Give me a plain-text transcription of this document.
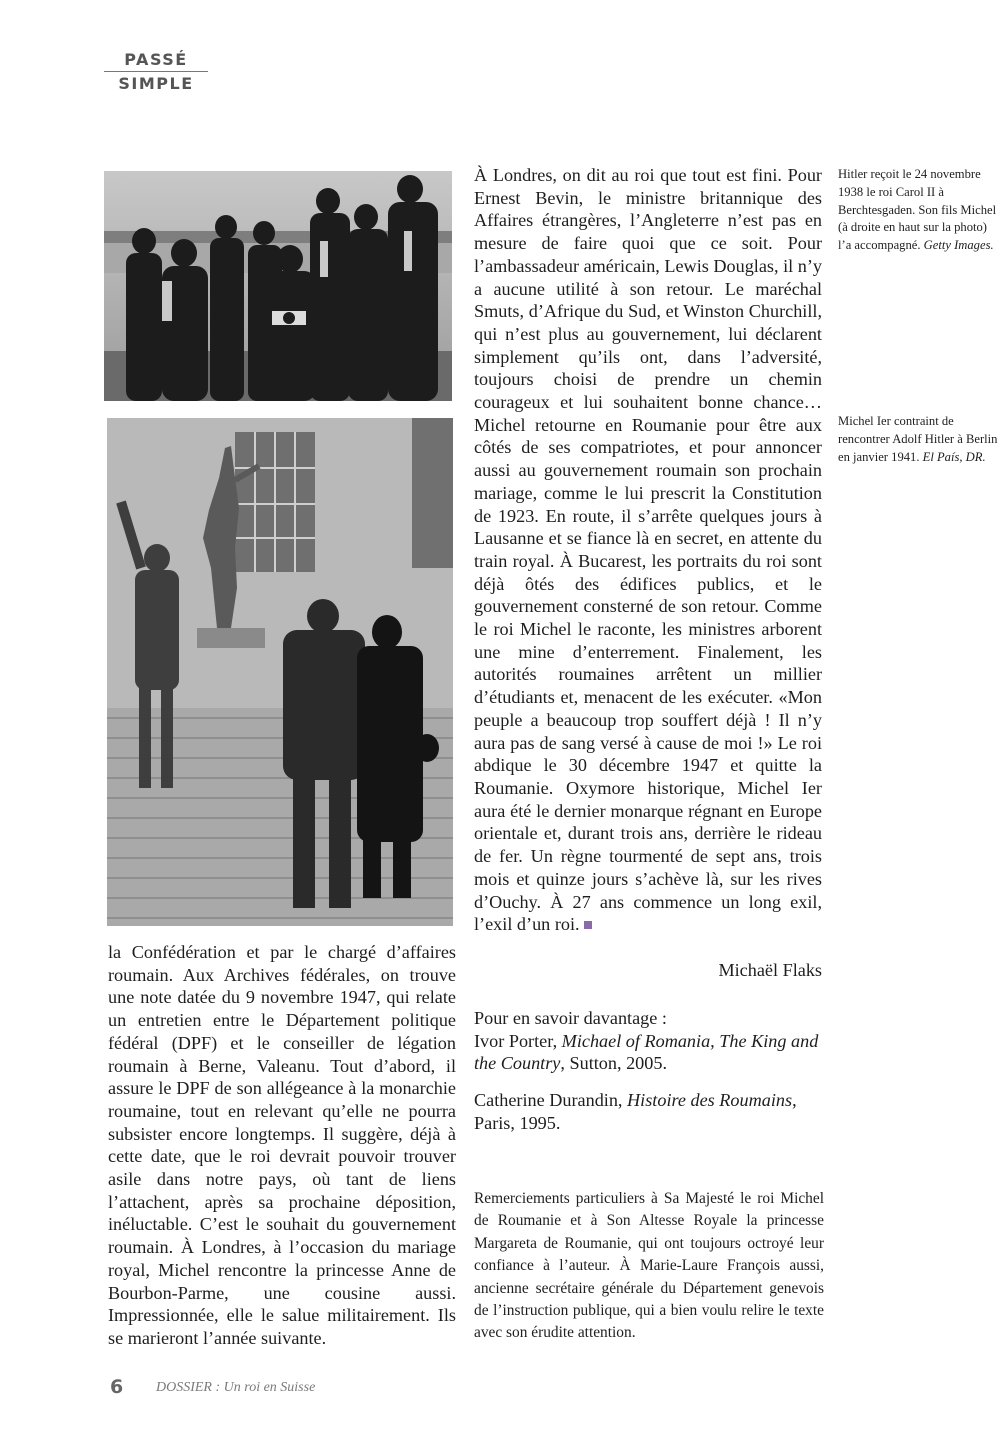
PASSÉ
SIMPLE

À Londres, on dit au roi que tout est fini. Pour Ernest Bevin, le ministre britannique des Affaires étrangères, l’Angleterre n’est pas en mesure de faire quoi que ce soit. Pour l’ambassadeur américain, Lewis Douglas, il n’y a aucune utilité à son retour. Le maréchal Smuts, d’Afrique du Sud, et Winston Churchill, qui n’est plus au gouvernement, lui déclarent simplement qu’ils ont, dans l’adversité, toujours choisi de prendre un chemin courageux et lui souhaitent bonne chance… Michel retourne en Roumanie pour être aux côtés de ses compatriotes, et pour annoncer aussi au gouvernement roumain son prochain mariage, comme le lui prescrit la Constitution de 1923. En route, il s’arrête quelques jours à Lausanne et se fiance là en secret, en attente du train royal. À Bucarest, les portraits du roi sont déjà ôtés des édifices publics, et le gouvernement consterné de son retour. Comme le roi Michel le raconte, les ministres arborent une mine d’enterrement. Finalement, les autorités roumaines arrêtent un millier d’étudiants et, menacent de les exécuter. «Mon peuple a beaucoup trop souffert déjà ! Il n’y aura pas de sang versé à cause de moi !» Le roi abdique le 30 décembre 1947 et quitte la Roumanie. Oxymore historique, Michel Ier aura été le dernier monarque régnant en Europe orientale et, durant trois ans, derrière le rideau de fer. Un règne tourmenté de sept ans, trois mois et quinze jours s’achève là, sur les rives d’Ouchy. À 27 ans commence un long exil, l’exil d’un roi.

Michaël Flaks

Pour en savoir davantage :

Ivor Porter, Michael of Romania, The King and the Country, Sutton, 2005.

Catherine Durandin, Histoire des Roumains, Paris, 1995.

Remerciements particuliers à Sa Majesté le roi Michel de Roumanie et à Son Altesse Royale la princesse Margareta de Roumanie, qui ont toujours octroyé leur confiance à l’auteur. À Marie-Laure François aussi, ancienne secrétaire générale du Département genevois de l’instruction publique, qui a bien voulu relire le texte avec son érudite attention.

la Confédération et par le chargé d’affaires roumain. Aux Archives fédérales, on trouve une note datée du 9 novembre 1947, qui relate un entretien entre le Département politique fédéral (DPF) et le conseiller de légation roumain à Berne, Valeanu. Tout d’abord, il assure le DPF de son allégeance à la monarchie roumaine, tout en relevant qu’elle ne pourra subsister encore longtemps. Il suggère, déjà à cette date, que le roi devrait pouvoir trouver asile dans notre pays, où tant de liens l’attachent, après sa prochaine déposition, inéluctable. C’est le souhait du gouvernement roumain. À Londres, à l’occasion du mariage royal, Michel rencontre la princesse Anne de Bourbon-Parme, une cousine aussi. Impressionnée, elle le salue militairement. Ils se marieront l’année suivante.

Hitler reçoit le 24 novembre 1938 le roi Carol II à Berchtesgaden. Son fils Michel (à droite en haut sur la photo) l’a accompagné. Getty Images.
Michel Ier contraint de rencontrer Adolf Hitler à Berlin en janvier 1941. El País, DR.
6 DOSSIER : Un roi en Suisse
